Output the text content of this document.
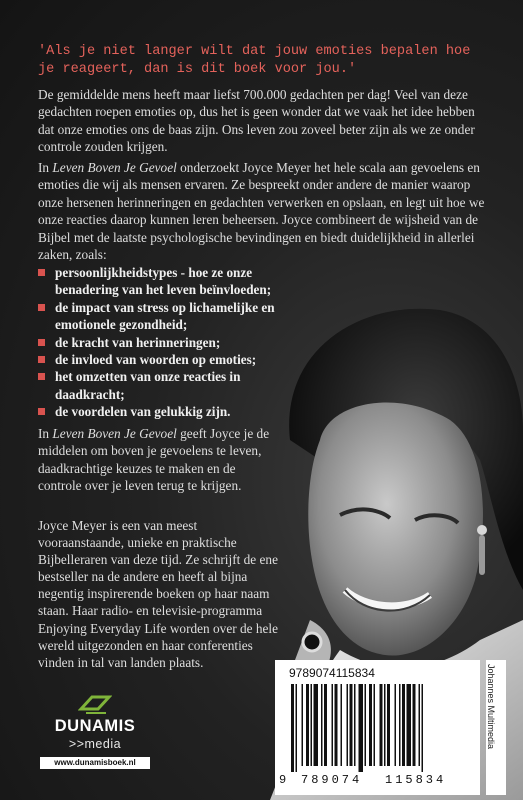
'Als je niet langer wilt dat jouw emoties bepalen hoe je reageert, dan is dit boek voor jou.'
De gemiddelde mens heeft maar liefst 700.000 gedachten per dag! Veel van deze gedachten roepen emoties op, dus het is geen wonder dat we vaak het idee hebben dat onze emoties ons de baas zijn. Ons leven zou zoveel beter zijn als we ze onder controle zouden krijgen.
In Leven Boven Je Gevoel onderzoekt Joyce Meyer het hele scala aan gevoelens en emoties die wij als mensen ervaren. Ze bespreekt onder andere de manier waarop onze hersenen herinneringen en gedachten verwerken en opslaan, en legt uit hoe we onze reacties daarop kunnen leren beheersen. Joyce combineert de wijsheid van de Bijbel met de laatste psychologische bevindingen en biedt duidelijkheid in allerlei zaken, zoals:
persoonlijkheidstypes - hoe ze onze benadering van het leven beïnvloeden;
de impact van stress op lichamelijke en emotionele gezondheid;
de kracht van herinneringen;
de invloed van woorden op emoties;
het omzetten van onze reacties in daadkracht;
de voordelen van gelukkig zijn.
In Leven Boven Je Gevoel geeft Joyce je de middelen om boven je gevoelens te leven, daadkrachtige keuzes te maken en de controle over je leven terug te krijgen.
Joyce Meyer is een van meest vooraanstaande, unieke en praktische Bijbelleraren van deze tijd. Ze schrijft de ene bestseller na de andere en heeft al bijna negentig inspirerende boeken op haar naam staan. Haar radio- en televisie-programma Enjoying Everyday Life worden over de hele wereld uitgezonden en haar conferenties vinden in tal van landen plaats.
DUNAMIS
>>media
www.dunamisboek.nl
9789074115834
9 789074 115834
Johannes Multimedia
